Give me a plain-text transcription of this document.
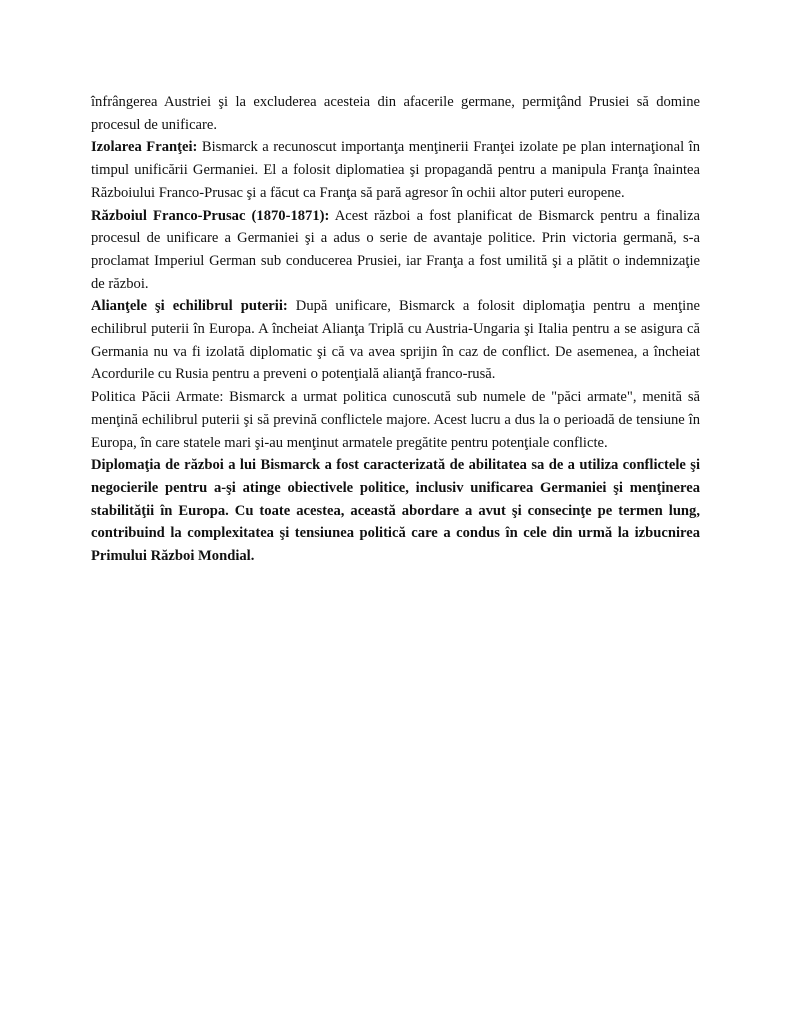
înfrângerea Austriei şi la excluderea acesteia din afacerile germane, permiţând Prusiei să domine procesul de unificare.

Izolarea Franţei: Bismarck a recunoscut importanţa menţinerii Franţei izolate pe plan internaţional în timpul unificării Germaniei. El a folosit diplomatiea şi propagandă pentru a manipula Franţa înaintea Războiului Franco-Prusac şi a făcut ca Franţa să pară agresor în ochii altor puteri europene.

Războiul Franco-Prusac (1870-1871): Acest război a fost planificat de Bismarck pentru a finaliza procesul de unificare a Germaniei şi a adus o serie de avantaje politice. Prin victoria germană, s-a proclamat Imperiul German sub conducerea Prusiei, iar Franţa a fost umilită şi a plătit o indemnizaţie de război.

Alianţele şi echilibrul puterii: După unificare, Bismarck a folosit diplomaţia pentru a menţine echilibrul puterii în Europa. A încheiat Alianţa Triplă cu Austria-Ungaria şi Italia pentru a se asigura că Germania nu va fi izolată diplomatic şi că va avea sprijin în caz de conflict. De asemenea, a încheiat Acordurile cu Rusia pentru a preveni o potenţială alianţă franco-rusă.

Politica Păcii Armate: Bismarck a urmat politica cunoscută sub numele de "păci armate", menită să menţină echilibrul puterii şi să prevină conflictele majore. Acest lucru a dus la o perioadă de tensiune în Europa, în care statele mari şi-au menţinut armatele pregătite pentru potenţiale conflicte.

Diplomaţia de război a lui Bismarck a fost caracterizată de abilitatea sa de a utiliza conflictele şi negocierile pentru a-şi atinge obiectivele politice, inclusiv unificarea Germaniei şi menţinerea stabilităţii în Europa. Cu toate acestea, această abordare a avut şi consecinţe pe termen lung, contribuind la complexitatea şi tensiunea politică care a condus în cele din urmă la izbucnirea Primului Război Mondial.
